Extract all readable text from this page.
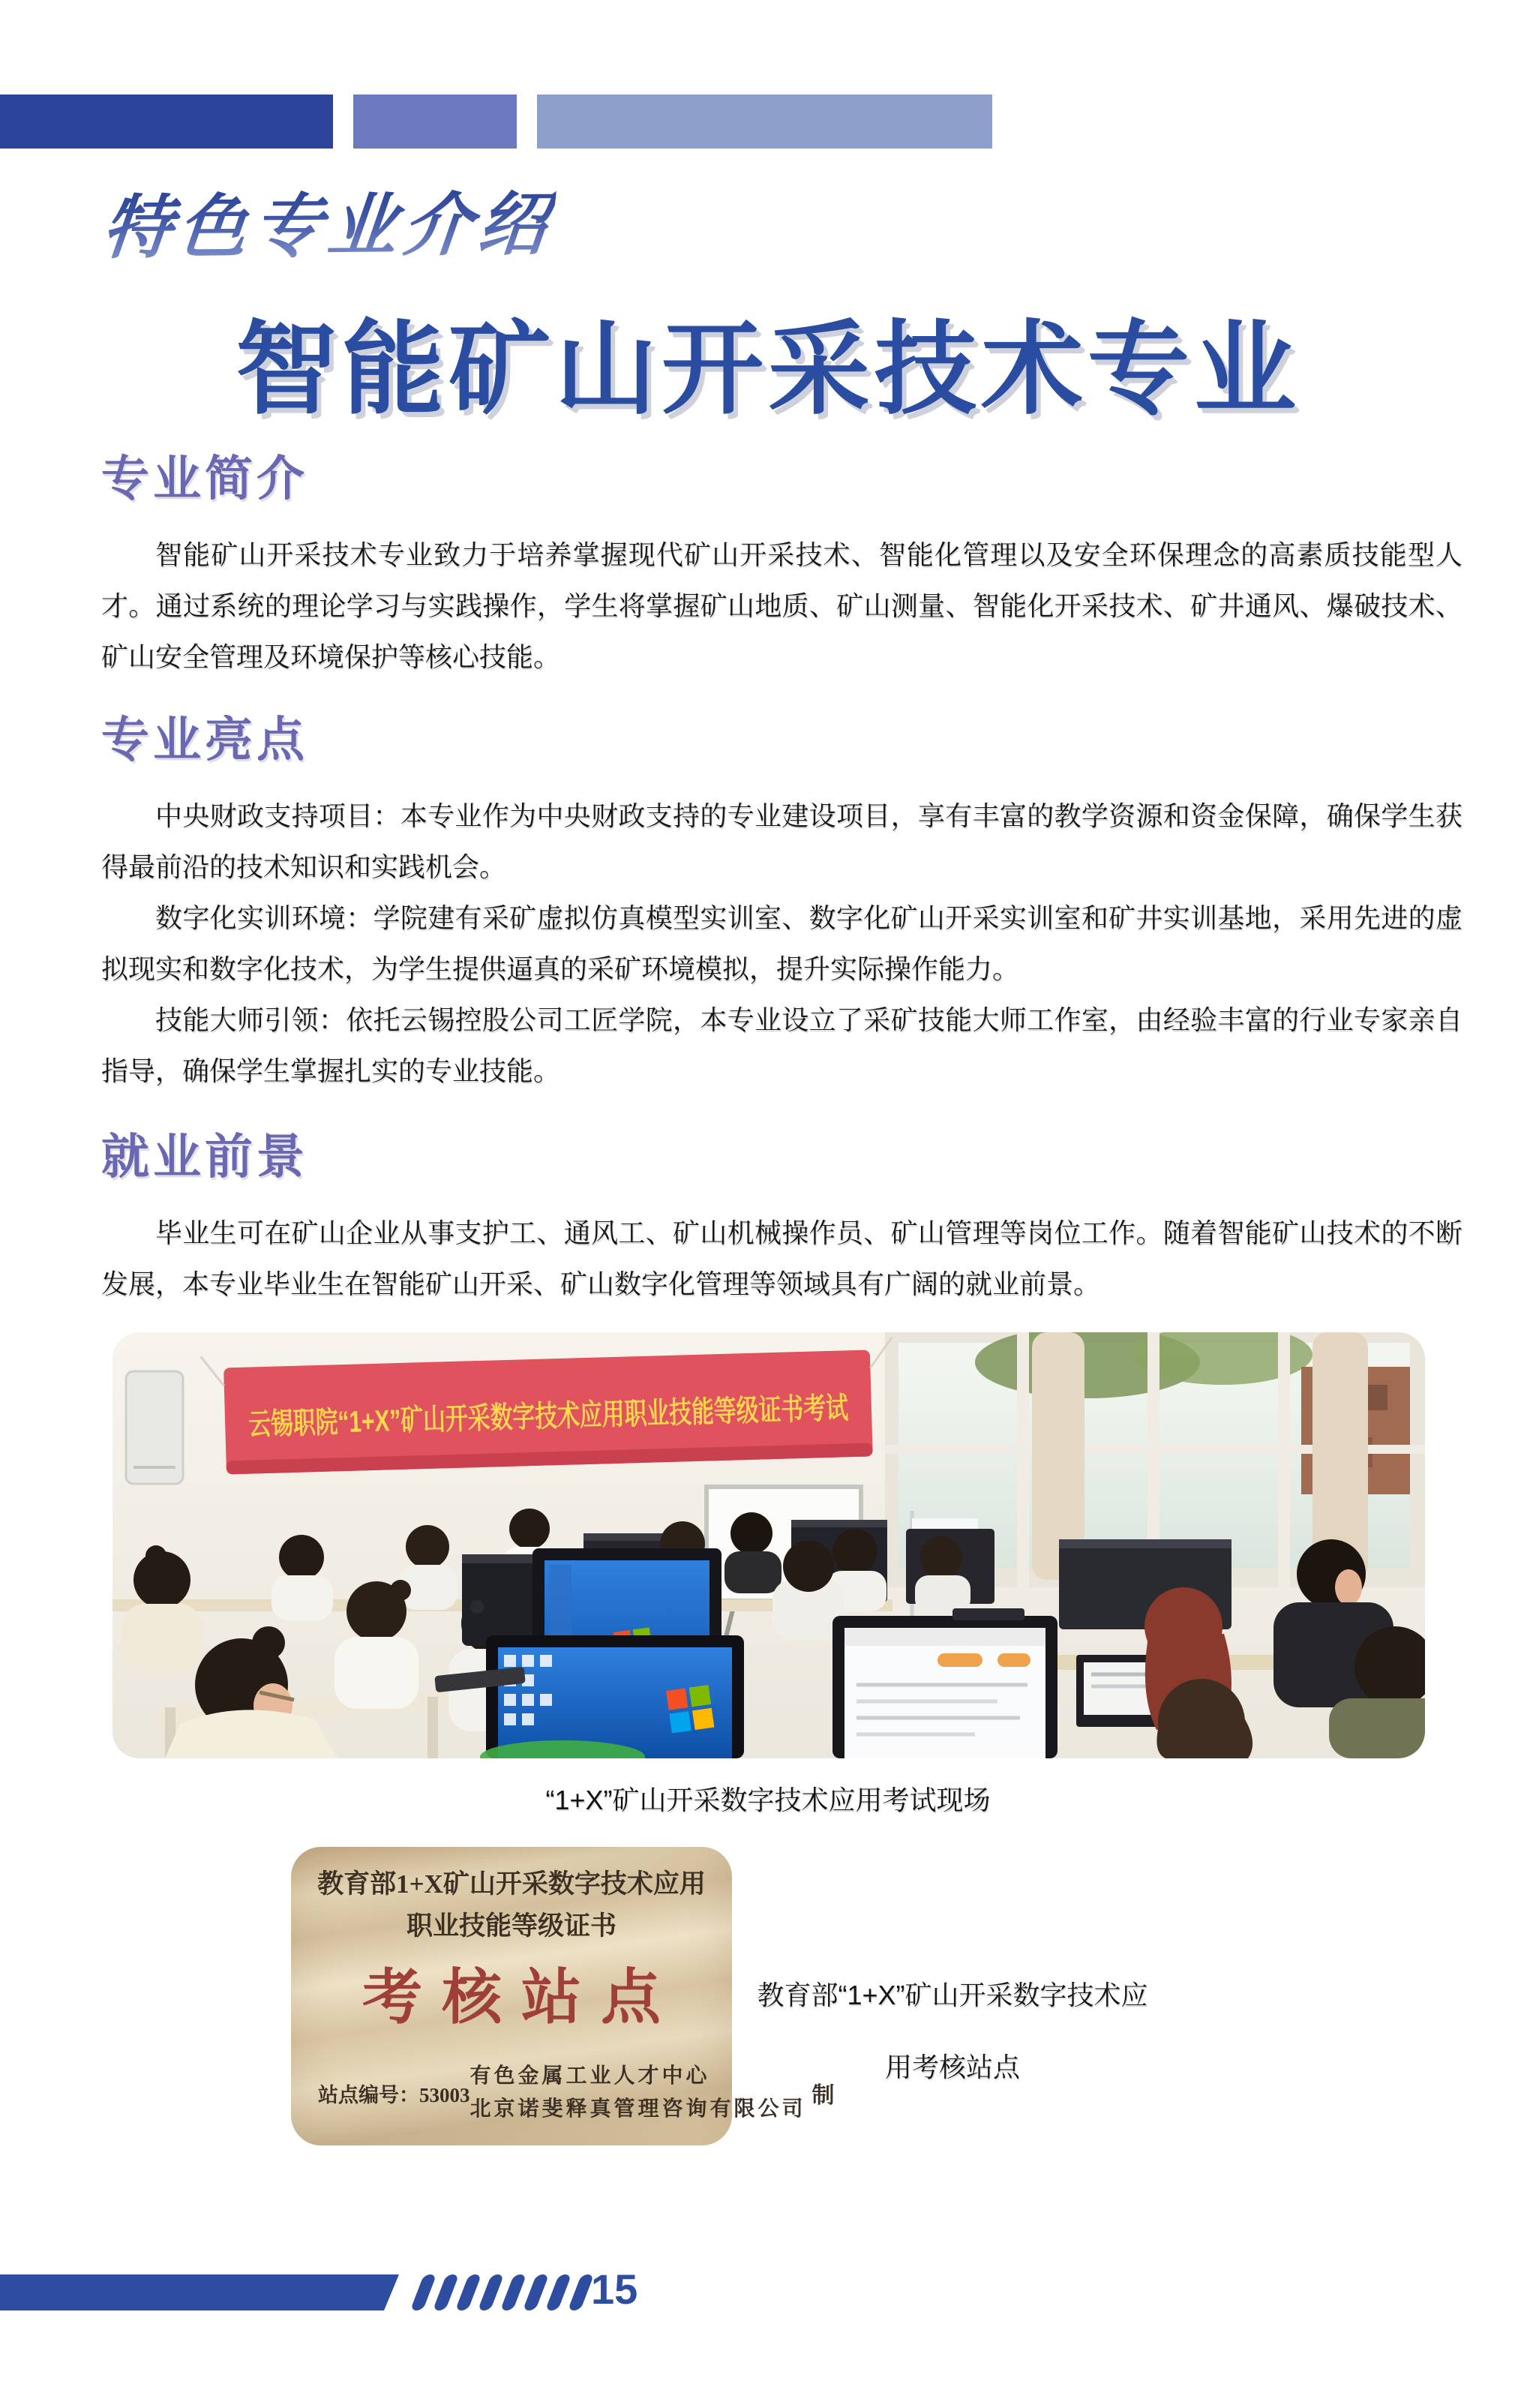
特色专业介绍
智能矿山开采技术专业
专业简介

智能矿山开采技术专业致力于培养掌握现代矿山开采技术、智能化管理以及安全环保理念的高素质技能型人才。通过系统的理论学习与实践操作，学生将掌握矿山地质、矿山测量、智能化开采技术、矿井通风、爆破技术、矿山安全管理及环境保护等核心技能。

专业亮点

中央财政支持项目：本专业作为中央财政支持的专业建设项目，享有丰富的教学资源和资金保障，确保学生获得最前沿的技术知识和实践机会。

数字化实训环境：学院建有采矿虚拟仿真模型实训室、数字化矿山开采实训室和矿井实训基地，采用先进的虚拟现实和数字化技术，为学生提供逼真的采矿环境模拟，提升实际操作能力。

技能大师引领：依托云锡控股公司工匠学院，本专业设立了采矿技能大师工作室，由经验丰富的行业专家亲自指导，确保学生掌握扎实的专业技能。

就业前景

毕业生可在矿山企业从事支护工、通风工、矿山机械操作员、矿山管理等岗位工作。随着智能矿山技术的不断发展，本专业毕业生在智能矿山开采、矿山数字化管理等领域具有广阔的就业前景。

云锡职院“1+X”矿山开采数字技术应用职业技能等级证书考试
“1+X”矿山开采数字技术应用考试现场
教育部1+X矿山开采数字技术应用
职业技能等级证书
考核站点
站点编号：53003
有色金属工业人才中心
北京诺斐释真管理咨询有限公司
制
教育部“1+X”矿山开采数字技术应
用考核站点
15
